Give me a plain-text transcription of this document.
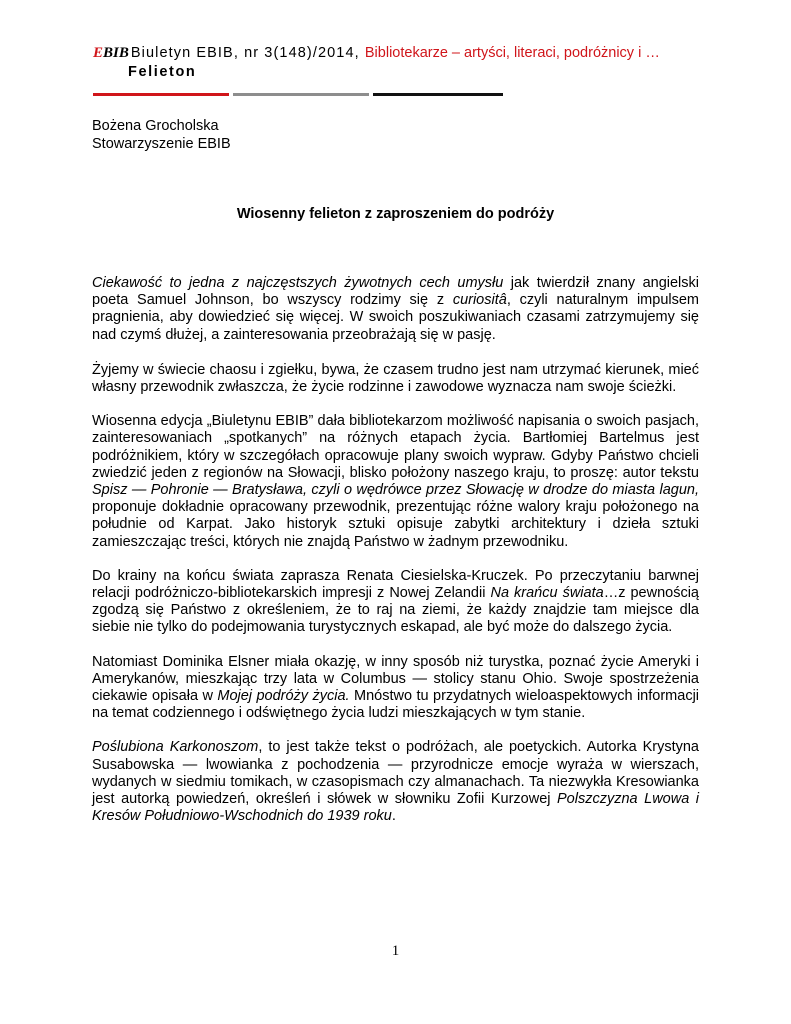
EBIB Biuletyn EBIB, nr 3(148)/2014, Bibliotekarze – artyści, literaci, podróżnicy i …
Felieton
Bożena Grocholska
Stowarzyszenie EBIB
Wiosenny felieton z zaproszeniem do podróży

Ciekawość to jedna z najczęstszych żywotnych cech umysłu jak twierdził znany angielski poeta Samuel Johnson, bo wszyscy rodzimy się z curiositâ, czyli naturalnym impulsem pragnienia, aby dowiedzieć się więcej. W swoich poszukiwaniach czasami zatrzymujemy się nad czymś dłużej, a zainteresowania przeobrażają się w pasję.

Żyjemy w świecie chaosu i zgiełku, bywa, że czasem trudno jest nam utrzymać kierunek, mieć własny przewodnik zwłaszcza, że życie rodzinne i zawodowe wyznacza nam swoje ścieżki.

Wiosenna edycja „Biuletynu EBIB” dała bibliotekarzom możliwość napisania o swoich pasjach, zainteresowaniach „spotkanych” na różnych etapach życia. Bartłomiej Bartelmus jest podróżnikiem, który w szczegółach opracowuje plany swoich wypraw. Gdyby Państwo chcieli zwiedzić jeden z regionów na Słowacji, blisko położony naszego kraju, to proszę: autor tekstu Spisz — Pohronie — Bratysława, czyli o wędrówce przez Słowację w drodze do miasta lagun, proponuje dokładnie opracowany przewodnik, prezentując różne walory kraju położonego na południe od Karpat. Jako historyk sztuki opisuje zabytki architektury i dzieła sztuki zamieszczając treści, których nie znajdą Państwo w żadnym przewodniku.

Do krainy na końcu świata zaprasza Renata Ciesielska-Kruczek. Po przeczytaniu barwnej relacji podróżniczo-bibliotekarskich impresji z Nowej Zelandii Na krańcu świata…z pewnością zgodzą się Państwo z określeniem, że to raj na ziemi, że każdy znajdzie tam miejsce dla siebie nie tylko do podejmowania turystycznych eskapad, ale być może do dalszego życia.

Natomiast Dominika Elsner miała okazję, w inny sposób niż turystka, poznać życie Ameryki i Amerykanów, mieszkając trzy lata w Columbus — stolicy stanu Ohio. Swoje spostrzeżenia ciekawie opisała w Mojej podróży życia. Mnóstwo tu przydatnych wieloaspektowych informacji na temat codziennego i odświętnego życia ludzi mieszkających w tym stanie.

Poślubiona Karkonoszom, to jest także tekst o podróżach, ale poetyckich. Autorka Krystyna Susabowska — lwowianka z pochodzenia — przyrodnicze emocje wyraża w wierszach, wydanych w siedmiu tomikach, w czasopismach czy almanachach. Ta niezwykła Kresowianka jest autorką powiedzeń, określeń i słówek w słowniku Zofii Kurzowej Polszczyzna Lwowa i Kresów Południowo-Wschodnich do 1939 roku.

1
